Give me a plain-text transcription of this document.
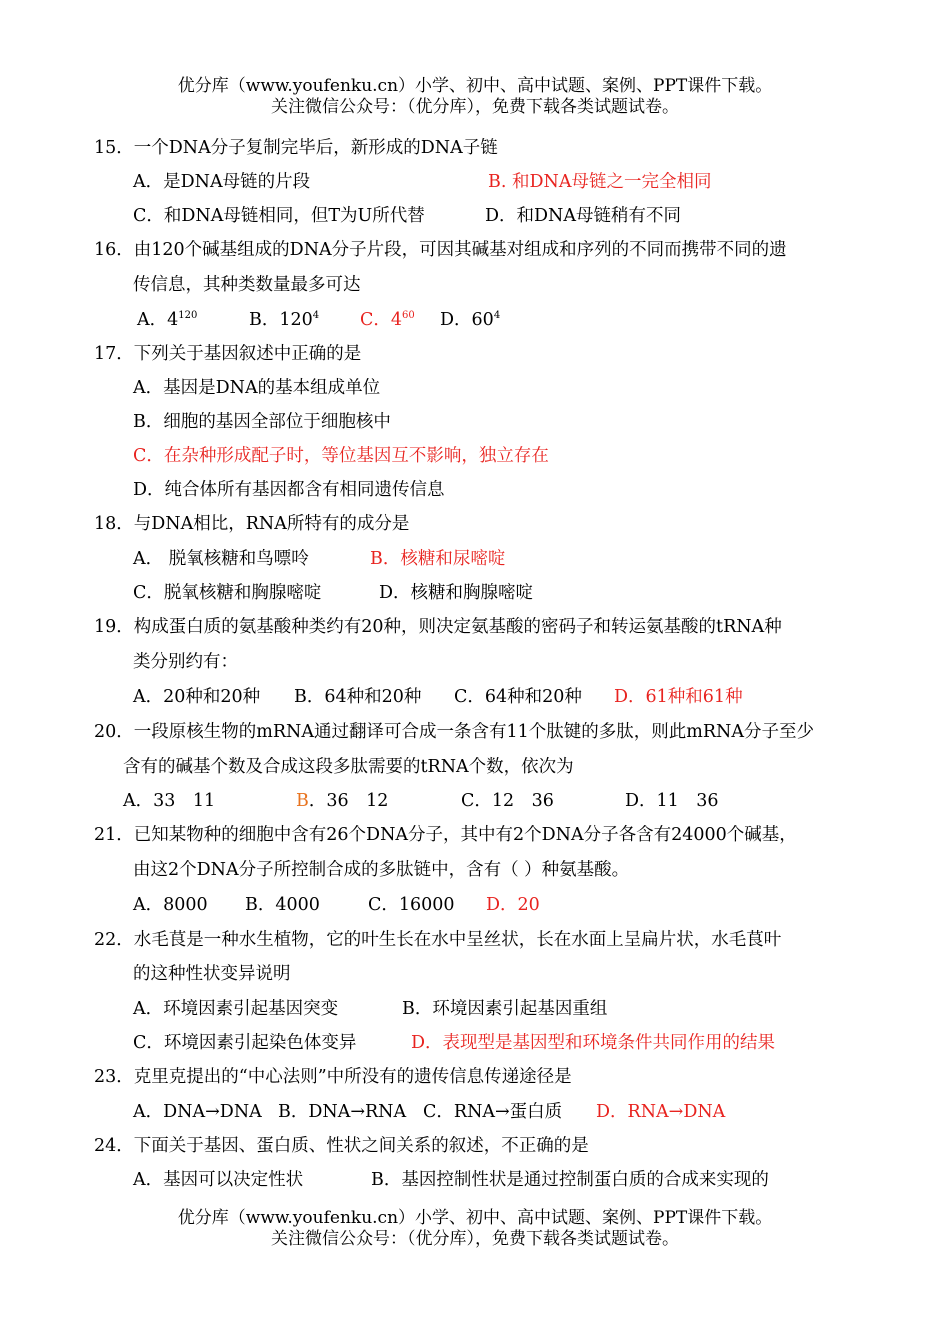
优分库（www.youfenku.cn）小学、初中、高中试题、案例、PPT课件下载。
关注微信公众号：（优分库），免费下载各类试题试卷。
15．一个DNA分子复制完毕后，新形成的DNA子链
A．是DNA母链的片段	B. 和DNA母链之一完全相同
C．和DNA母链相同，但T为U所代替	D．和DNA母链稍有不同
16．由120个碱基组成的DNA分子片段，可因其碱基对组成和序列的不同而携带不同的遗
传信息，其种类数量最多可达
A．$4^{120}$	B．$120^4$ C．$4^{60}$ D．$60^4$
17．下列关于基因叙述中正确的是
A．基因是DNA的基本组成单位
B．细胞的基因全部位于细胞核中
C．在杂种形成配子时，等位基因互不影响，独立存在
D．纯合体所有基因都含有相同遗传信息
18．与DNA相比，RNA所特有的成分是
A． 脱氧核糖和鸟嘌呤	B．核糖和尿嘧啶
C．脱氧核糖和胸腺嘧啶	D．核糖和胸腺嘧啶
19．构成蛋白质的氨基酸种类约有20种，则决定氨基酸的密码子和转运氨基酸的tRNA种
类分别约有：
A．20种和20种 B．64种和20种 C．64种和20种 D．61种和61种
20．一段原核生物的mRNA通过翻译可合成一条含有11个肽键的多肽，则此mRNA分子至少
含有的碱基个数及合成这段多肽需要的tRNA个数，依次为
A．33　11	B．36　12	C．12　36	D．11　36
21．已知某物种的细胞中含有26个DNA分子，其中有2个DNA分子各含有24000个碱基，
由这2个DNA分子所控制合成的多肽链中，含有（ ）种氨基酸。
A．8000 B．4000	C．16000 D．20
22．水毛茛是一种水生植物，它的叶生长在水中呈丝状，长在水面上呈扁片状，水毛茛叶
的这种性状变异说明
A．环境因素引起基因突变	B．环境因素引起基因重组
C．环境因素引起染色体变异	D．表现型是基因型和环境条件共同作用的结果
23．克里克提出的“中心法则”中所没有的遗传信息传递途径是
A．DNA→DNA B．DNA→RNA C．RNA→蛋白质 D．RNA→DNA
24．下面关于基因、蛋白质、性状之间关系的叙述，不正确的是
A．基因可以决定性状	B．基因控制性状是通过控制蛋白质的合成来实现的
优分库（www.youfenku.cn）小学、初中、高中试题、案例、PPT课件下载。
关注微信公众号：（优分库），免费下载各类试题试卷。
